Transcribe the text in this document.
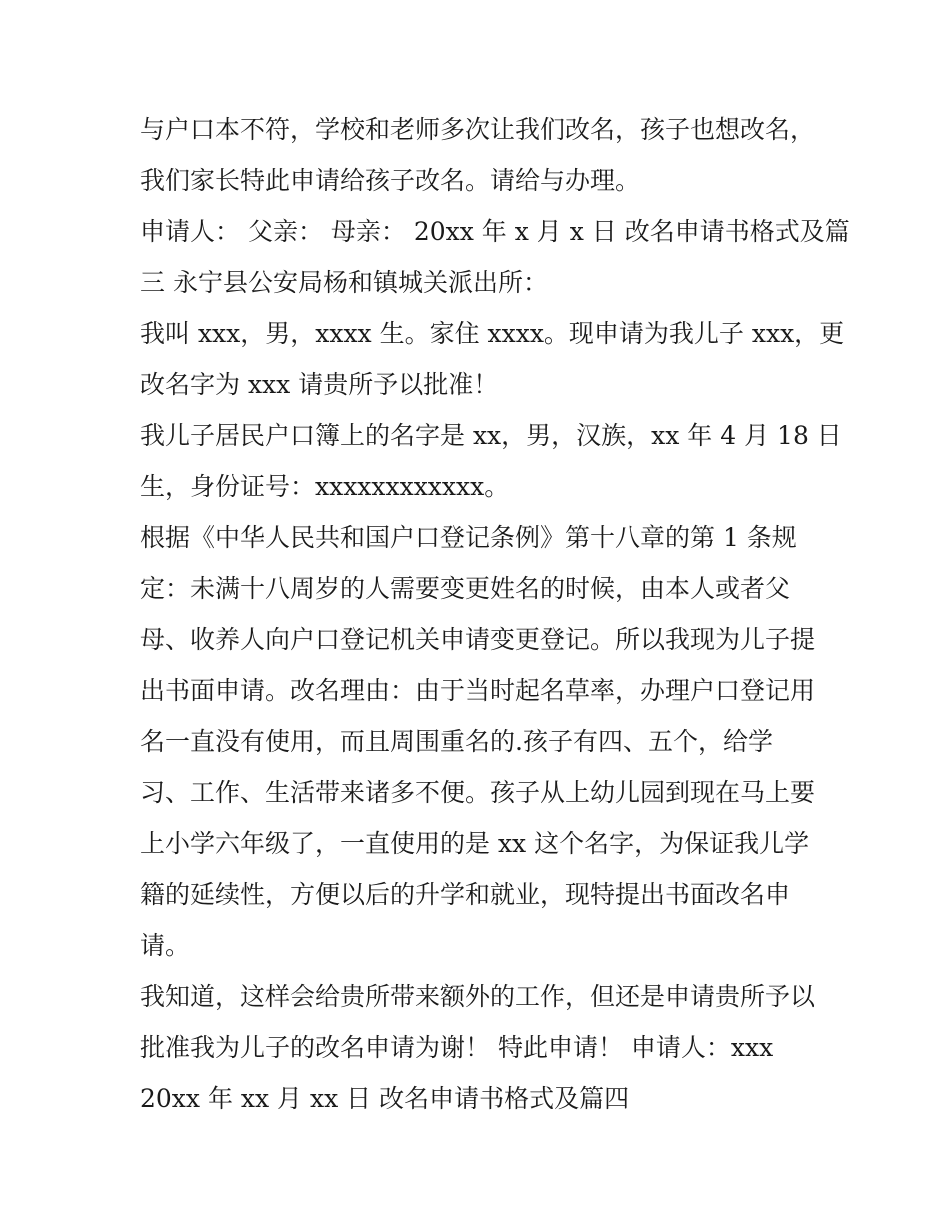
与户口本不符，学校和老师多次让我们改名，孩子也想改名，
我们家长特此申请给孩子改名。请给与办理。
申请人： 父亲： 母亲： 20xx 年 x 月 x 日 改名申请书格式及篇
三 永宁县公安局杨和镇城关派出所：
我叫 xxx，男，xxxx 生。家住 xxxx。现申请为我儿子 xxx，更
改名字为 xxx 请贵所予以批准！
我儿子居民户口簿上的名字是 xx，男，汉族，xx 年 4 月 18 日
生，身份证号：xxxxxxxxxxxx。
根据《中华人民共和国户口登记条例》第十八章的第 1 条规
定：未满十八周岁的人需要变更姓名的时候，由本人或者父
母、收养人向户口登记机关申请变更登记。所以我现为儿子提
出书面申请。改名理由：由于当时起名草率，办理户口登记用
名一直没有使用，而且周围重名的.孩子有四、五个，给学
习、工作、生活带来诸多不便。孩子从上幼儿园到现在马上要
上小学六年级了，一直使用的是 xx 这个名字，为保证我儿学
籍的延续性，方便以后的升学和就业，现特提出书面改名申
请。
我知道，这样会给贵所带来额外的工作，但还是申请贵所予以
批准我为儿子的改名申请为谢！ 特此申请！ 申请人：xxx
20xx 年 xx 月 xx 日 改名申请书格式及篇四
